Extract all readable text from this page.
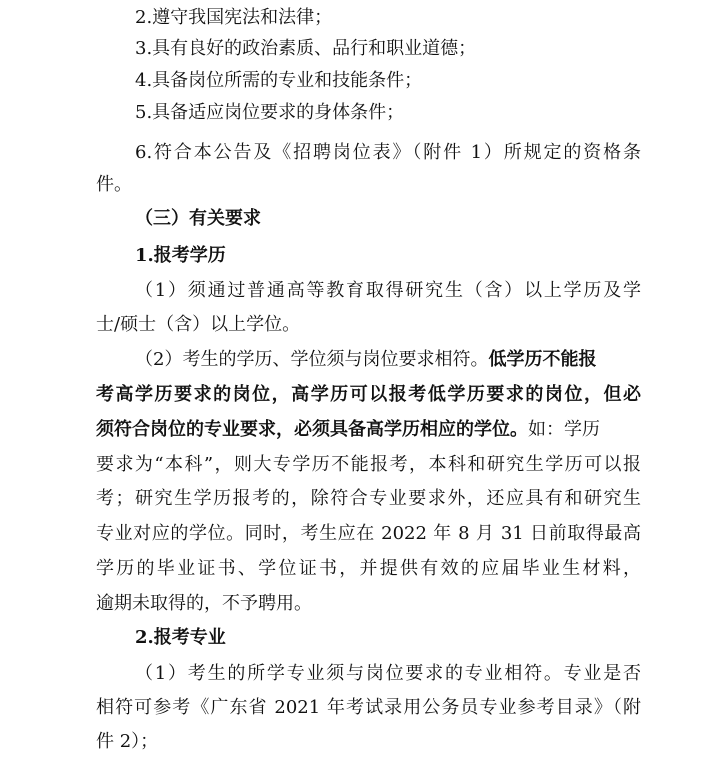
2.遵守我国宪法和法律；
3.具有良好的政治素质、品行和职业道德；
4.具备岗位所需的专业和技能条件；
5.具备适应岗位要求的身体条件；
6.符合本公告及《招聘岗位表》（附件 1）所规定的资格条
件。
（三）有关要求
1.报考学历
（1）须通过普通高等教育取得研究生（含）以上学历及学
士/硕士（含）以上学位。
（2）考生的学历、学位须与岗位要求相符。低学历不能报
考高学历要求的岗位，高学历可以报考低学历要求的岗位，但必
须符合岗位的专业要求，必须具备高学历相应的学位。如：学历
要求为“本科”，则大专学历不能报考，本科和研究生学历可以报
考；研究生学历报考的，除符合专业要求外，还应具有和研究生
专业对应的学位。同时，考生应在 2022 年 8 月 31 日前取得最高
学历的毕业证书、学位证书，并提供有效的应届毕业生材料，
逾期未取得的，不予聘用。
2.报考专业
（1）考生的所学专业须与岗位要求的专业相符。专业是否
相符可参考《广东省 2021 年考试录用公务员专业参考目录》（附
件 2）；
